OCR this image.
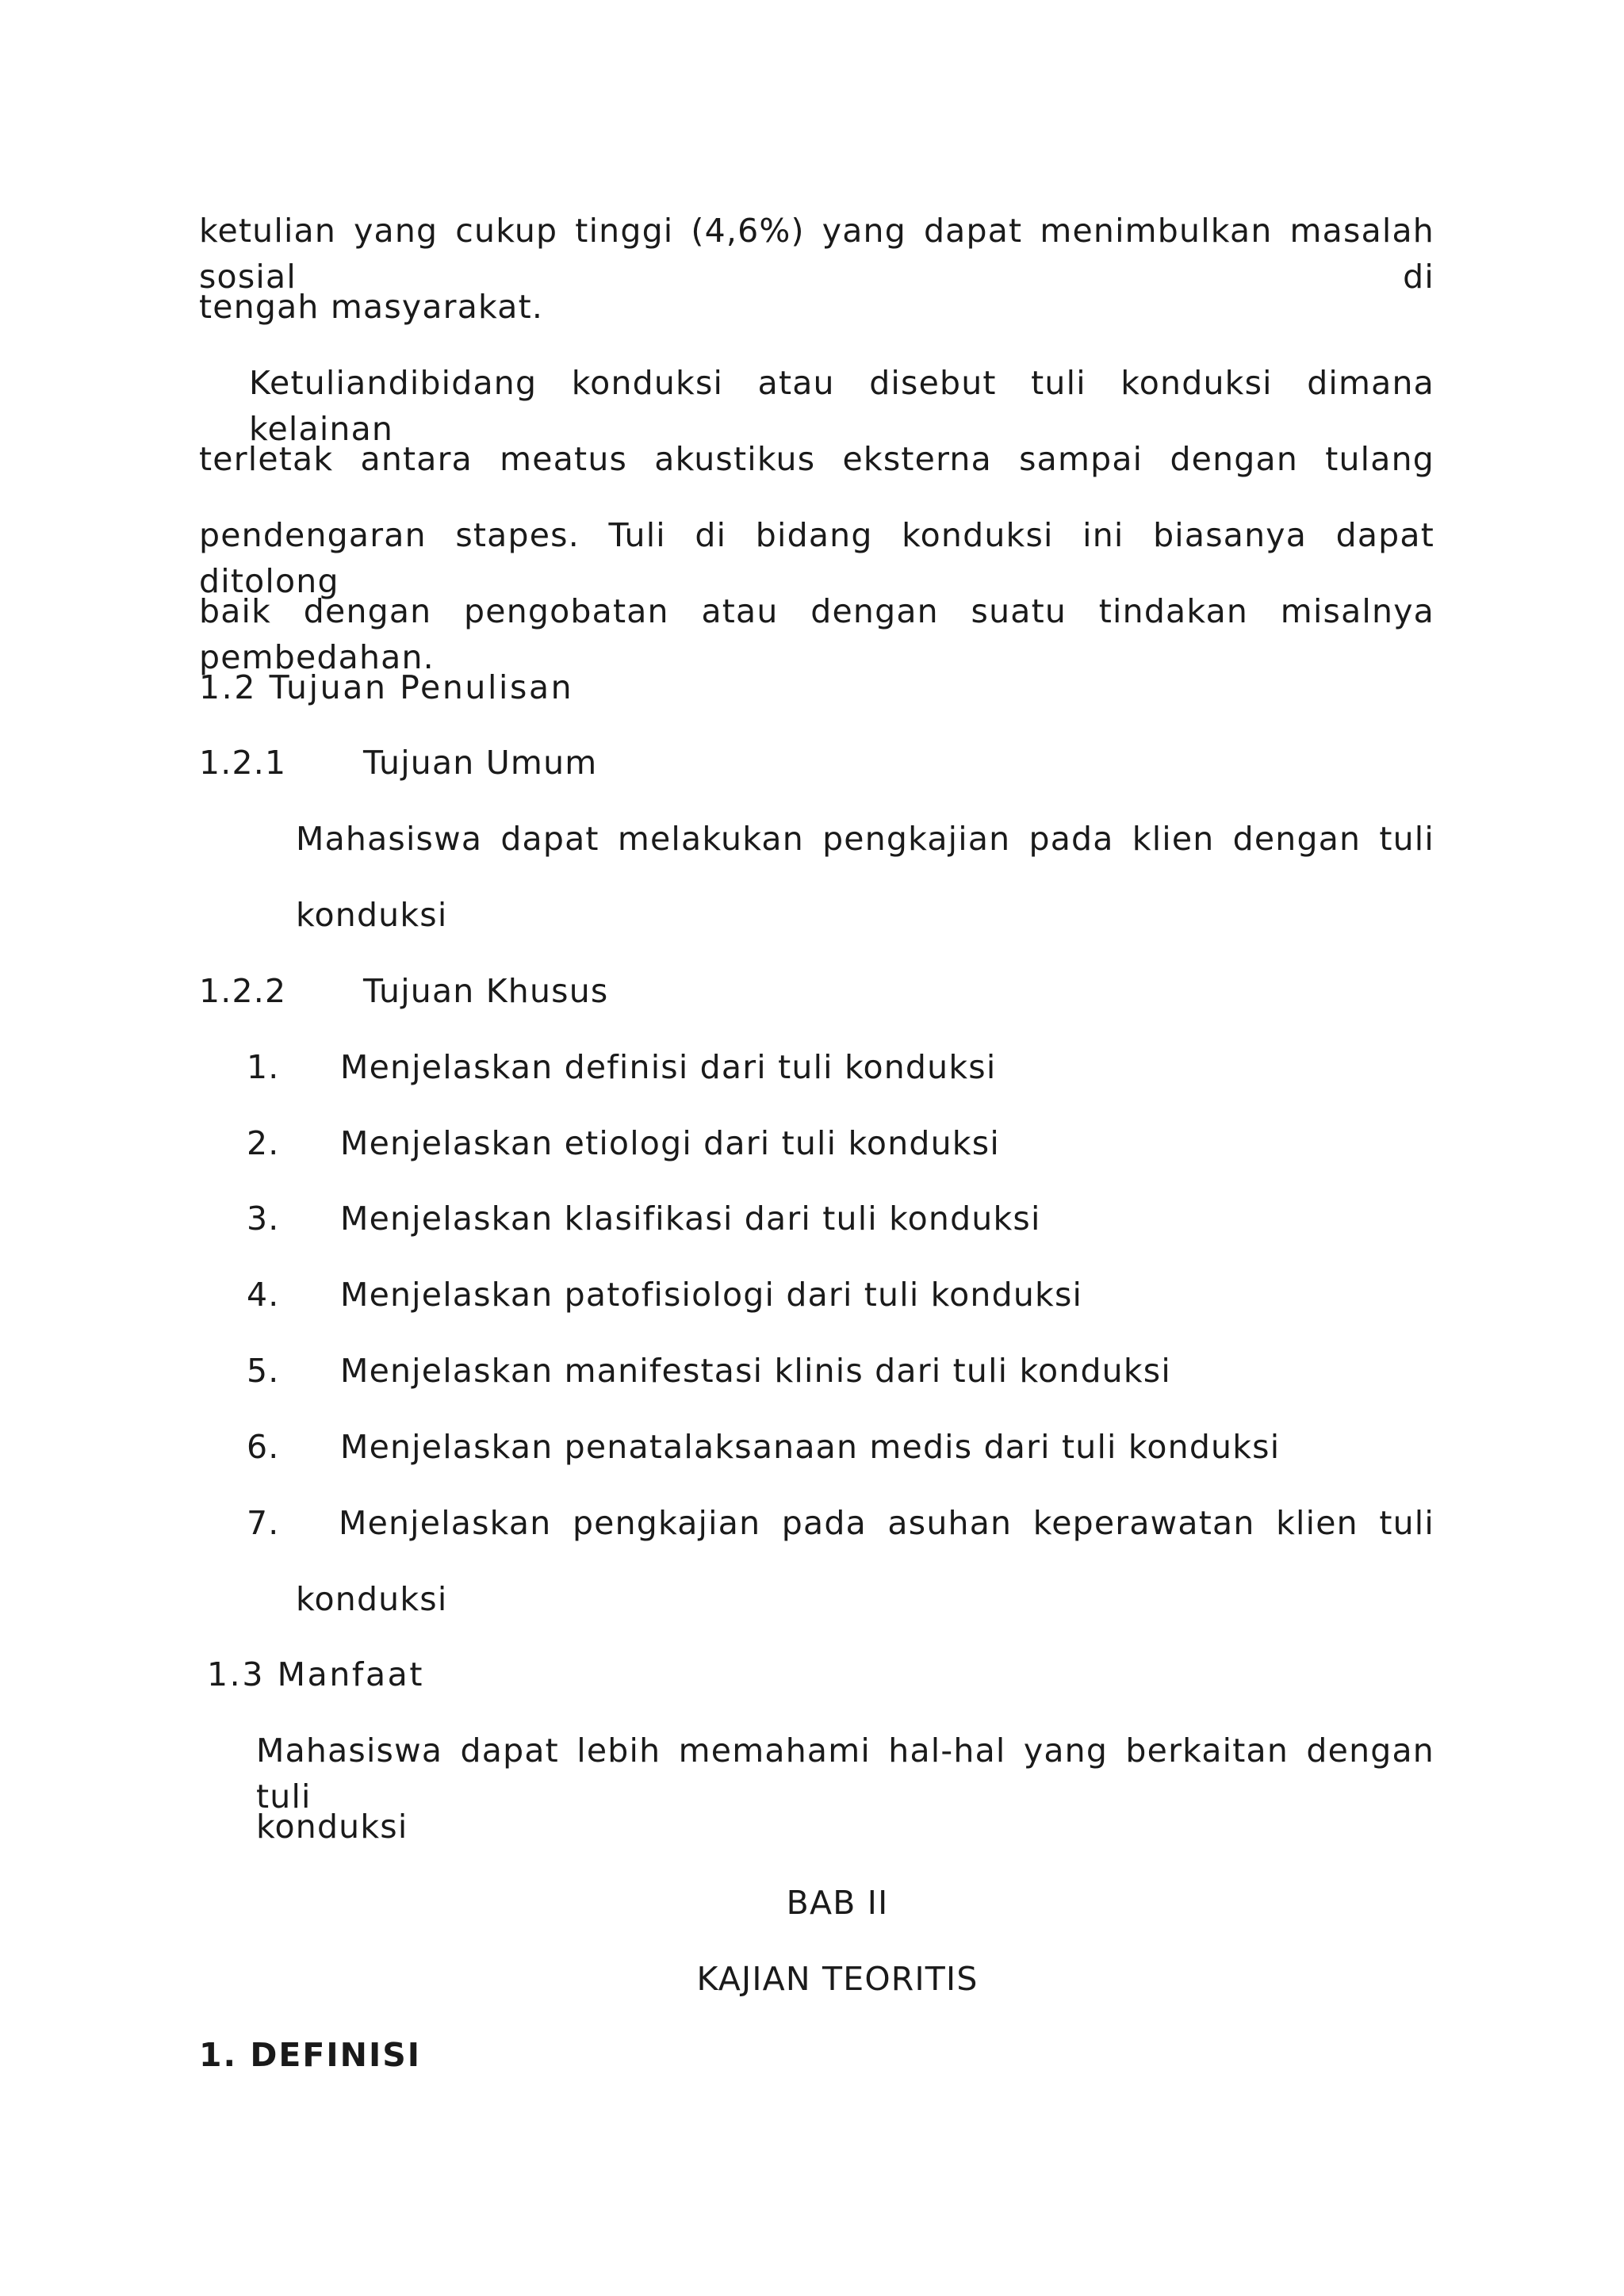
ketulian yang cukup tinggi (4,6%) yang dapat menimbulkan masalah sosial di
tengah masyarakat.
Ketuliandibidang konduksi atau disebut tuli konduksi dimana kelainan
terletak antara meatus akustikus eksterna sampai dengan tulang
pendengaran stapes. Tuli di bidang konduksi ini biasanya dapat ditolong
baik dengan pengobatan atau dengan suatu tindakan misalnya pembedahan.
1.2 Tujuan Penulisan
1.2.1 Tujuan Umum
Mahasiswa dapat melakukan pengkajian pada klien dengan tuli
konduksi
1.2.2 Tujuan Khusus
1. Menjelaskan definisi dari tuli konduksi
2. Menjelaskan etiologi dari tuli konduksi
3. Menjelaskan klasifikasi dari tuli konduksi
4. Menjelaskan patofisiologi dari tuli konduksi
5. Menjelaskan manifestasi klinis dari tuli konduksi
6. Menjelaskan penatalaksanaan medis dari tuli konduksi
7. Menjelaskan pengkajian pada asuhan keperawatan klien tuli
konduksi
1.3 Manfaat
Mahasiswa dapat lebih memahami hal-hal yang berkaitan dengan tuli
konduksi
BAB II
KAJIAN TEORITIS
1. DEFINISI
